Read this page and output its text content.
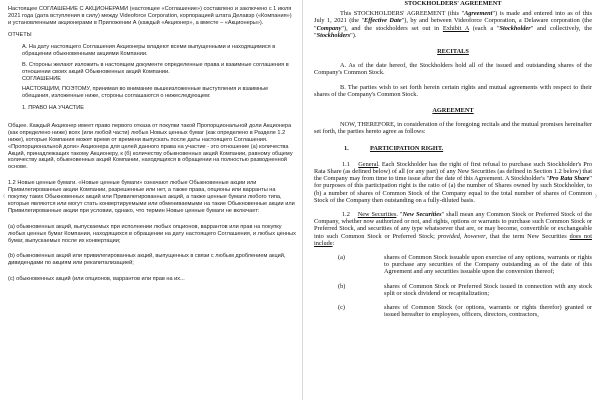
Настоящее СОГЛАШЕНИЕ С АКЦИОНЕРАМИ (настоящее «Соглашение») составлено и заключено с 1 июля 2021 года (дата вступления в силу) между Videoforce Corporation, корпорацией штата Делавэр («Компания») и установленными акционерами в Приложении А (каждый «Акционер», а вместе – «Акционеры»).

ОТЧЕТЫ

А. На дату настоящего Соглашения Акционеры владеют всеми выпущенными и находящимися в обращении обыкновенными акциями Компании.

В. Стороны желают изложить в настоящем документе определенные права и взаимные соглашения в отношении своих акций Обыкновенных акций Компании.

СОГЛАШЕНИЕ

НАСТОЯЩИМ, ПОЭТОМУ, принимая во внимание вышеизложенные выступления и взаимные обещания, изложенные ниже, стороны соглашаются о нижеследующем:

1. ПРАВО НА УЧАСТИЕ

Общее. Каждый Акционер имеет право первого отказа от покупки такой Пропорциональной доли Акционера (как определено ниже) всех (или любой части) любых Новых ценных бумаг (как определено в Разделе 1.2 ниже), которые Компания может время от времени выпускать после даты настоящего Соглашения. «Пропорциональной доли» Акционера для целей данного права на участие - это отношение (а) количества Акций, принадлежащих такому Акционеру, к (б) количеству обыкновенных акций Компании, равному общему количеству акций, обыкновенных акций Компании, находящихся в обращении на полностью разводненной основе.

1.2 Новые ценные бумаги. «Новые ценные бумаги» означают любые Обыкновенные акции или Привилегированные акции Компании, разрешенные или нет, а также права, опционы или варранты на покупку таких Обыкновенных акций или Привилегированных акций, а также ценные бумаги любого типа, которые являются или могут стать конвертируемыми или обмениваемыми на такие Обыкновенные акции или Привилегированные акции при условии, однако, что термин Новые ценные бумаги не включает:

(а) обыкновенных акций, выпускаемых при исполнении любых опционов, варрантов или прав на покупку любых ценных бумаг Компании, находящихся в обращении на дату настоящего Соглашения, и любых ценных бумаг, выпускаемых после их конвертации;

(b) обыкновенных акций или привилегированных акций, выпущенных в связи с любым дроблением акций, дивидендами по акциям или рекапитализацией;

(с) обыкновенных акций (или опционов, варрантов или прав на их...

STOCKHOLDERS' AGREEMENT

This STOCKHOLDERS' AGREEMENT (this "Agreement") is made and entered into as of this July 1, 2021 (the "Effective Date"), by and between Videoforce Corporation, a Delaware corporation (the "Company"), and the stockholders set out in Exhibit A (each a "Stockholder" and collectively, the "Stockholders").

RECITALS

A. As of the date hereof, the Stockholders hold all of the issued and outstanding shares of the Company's Common Stock.

B. The parties wish to set forth herein certain rights and mutual agreements with respect to their shares of the Company's Common Stock.

AGREEMENT

NOW, THEREFORE, in consideration of the foregoing recitals and the mutual promises hereinafter set forth, the parties hereto agree as follows:

1.	PARTICIPATION RIGHT.

1.1 General. Each Stockholder has the right of first refusal to purchase such Stockholder's Pro Rata Share (as defined below) of all (or any part) of any New Securities (as defined in Section 1.2 below) that the Company may from time to time issue after the date of this Agreement. A Stockholder's "Pro Rata Share" for purposes of this participation right is the ratio of (a) the number of Shares owned by such Stockholder, to (b) a number of shares of Common Stock of the Company equal to the total number of shares of Common Stock of the Company then outstanding on a fully-diluted basis.

1.2 New Securities. "New Securities" shall mean any Common Stock or Preferred Stock of the Company, whether now authorized or not, and rights, options or warrants to purchase such Common Stock or Preferred Stock, and securities of any type whatsoever that are, or may become, convertible or exchangeable into such Common Stock or Preferred Stock; provided, however, that the term New Securities does not include:

(a)	shares of Common Stock issuable upon exercise of any options, warrants or rights to purchase any securities of the Company outstanding as of the date of this Agreement and any securities issuable upon the conversion thereof;
(b)	shares of Common Stock or Preferred Stock issued in connection with any stock split or stock dividend or recapitalization;
(c)	shares of Common Stock (or options, warrants or rights therefor) granted or issued hereafter to employees, officers, directors, contractors,
‹	›
